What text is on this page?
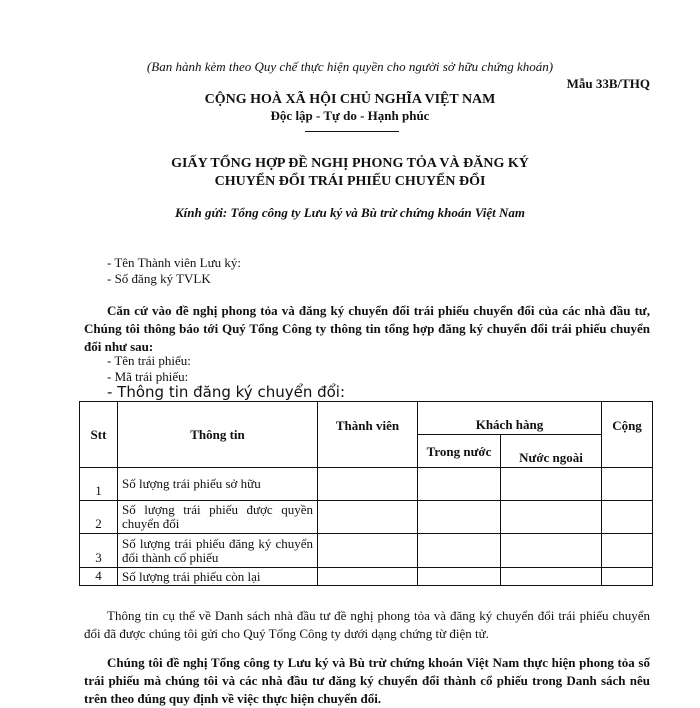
(Ban hành kèm theo Quy chế thực hiện quyền cho người sở hữu chứng khoán)
Mẫu 33B/THQ
CỘNG HOÀ XÃ HỘI CHỦ NGHĨA VIỆT NAM
Độc lập - Tự do - Hạnh phúc
GIẤY TỔNG HỢP ĐỀ NGHỊ PHONG TỎA VÀ ĐĂNG KÝ
CHUYỂN ĐỔI TRÁI PHIẾU CHUYỂN ĐỔI
Kính gửi: Tổng công ty Lưu ký và Bù trừ chứng khoán Việt Nam
- Tên Thành viên Lưu ký:
- Số đăng ký TVLK
Căn cứ vào đề nghị phong tỏa và đăng ký chuyển đổi trái phiếu chuyển đổi của các nhà đầu tư, Chúng tôi thông báo tới Quý Tổng Công ty thông tin tổng hợp đăng ký chuyển đổi trái phiếu chuyển đổi như sau:
- Tên trái phiếu:
- Mã trái phiếu:
- Thông tin đăng ký chuyển đổi:
Stt	Thông tin	Thành viên	Khách hàng		Cộng
			Trong nước	Nước ngoài	
1	Số lượng trái phiếu sở hữu				
2	Số lượng trái phiếu được quyền chuyển đổi				
3	Số lượng trái phiếu đăng ký chuyển đổi thành cổ phiếu				
4	Số lượng trái phiếu còn lại				
Thông tin cụ thể về Danh sách nhà đầu tư đề nghị phong tỏa và đăng ký chuyển đổi trái phiếu chuyển đổi đã được chúng tôi gửi cho Quý Tổng Công ty dưới dạng chứng từ điện tử.
Chúng tôi đề nghị Tổng công ty Lưu ký và Bù trừ chứng khoán Việt Nam thực hiện phong tỏa số trái phiếu mà chúng tôi và các nhà đầu tư đăng ký chuyển đổi thành cổ phiếu trong Danh sách nêu trên theo đúng quy định về việc thực hiện chuyển đổi.
